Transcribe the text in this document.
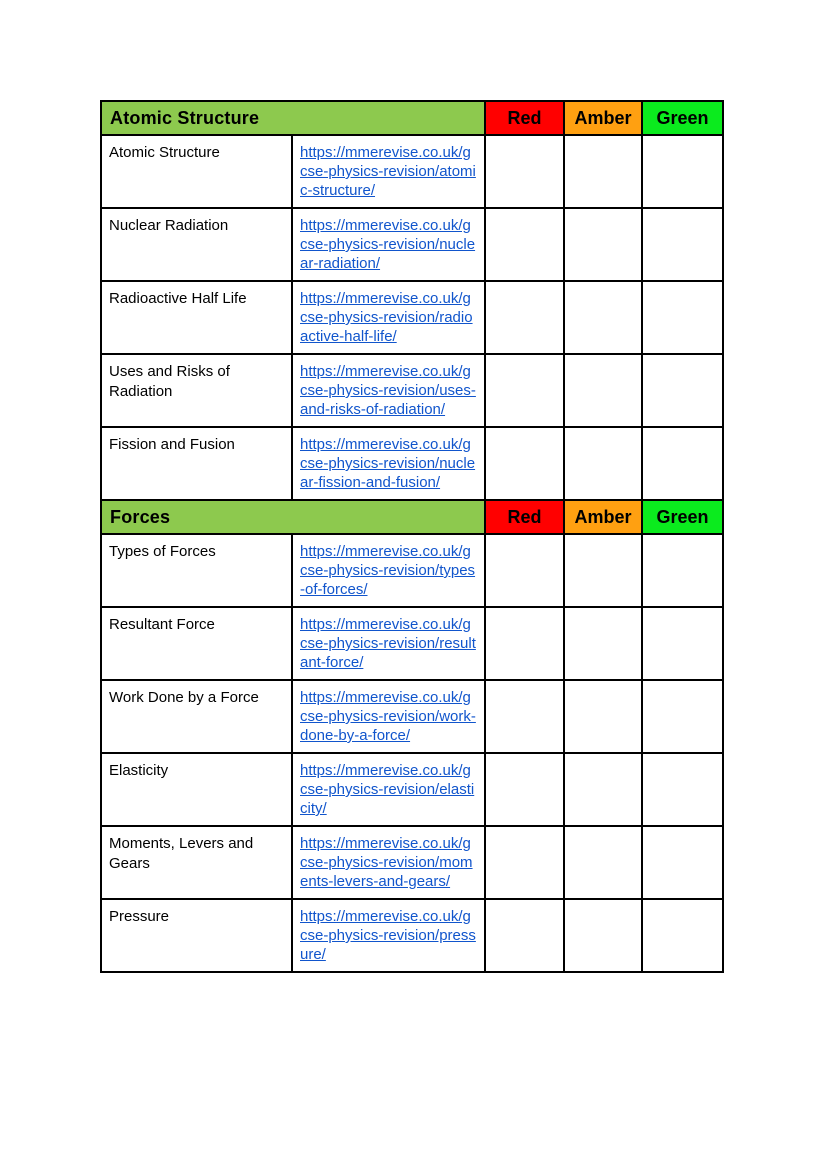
Atomic Structure		Red	Amber	Green
Atomic Structure	https://mmerevise.co.uk/gcse-physics-revision/atomic-structure/			
Nuclear Radiation	https://mmerevise.co.uk/gcse-physics-revision/nuclear-radiation/			
Radioactive Half Life	https://mmerevise.co.uk/gcse-physics-revision/radioactive-half-life/			
Uses and Risks of Radiation	https://mmerevise.co.uk/gcse-physics-revision/uses-and-risks-of-radiation/			
Fission and Fusion	https://mmerevise.co.uk/gcse-physics-revision/nuclear-fission-and-fusion/			
Forces		Red	Amber	Green
Types of Forces	https://mmerevise.co.uk/gcse-physics-revision/types-of-forces/			
Resultant Force	https://mmerevise.co.uk/gcse-physics-revision/resultant-force/			
Work Done by a Force	https://mmerevise.co.uk/gcse-physics-revision/work-done-by-a-force/			
Elasticity	https://mmerevise.co.uk/gcse-physics-revision/elasticity/			
Moments, Levers and Gears	https://mmerevise.co.uk/gcse-physics-revision/moments-levers-and-gears/			
Pressure	https://mmerevise.co.uk/gcse-physics-revision/pressure/			
